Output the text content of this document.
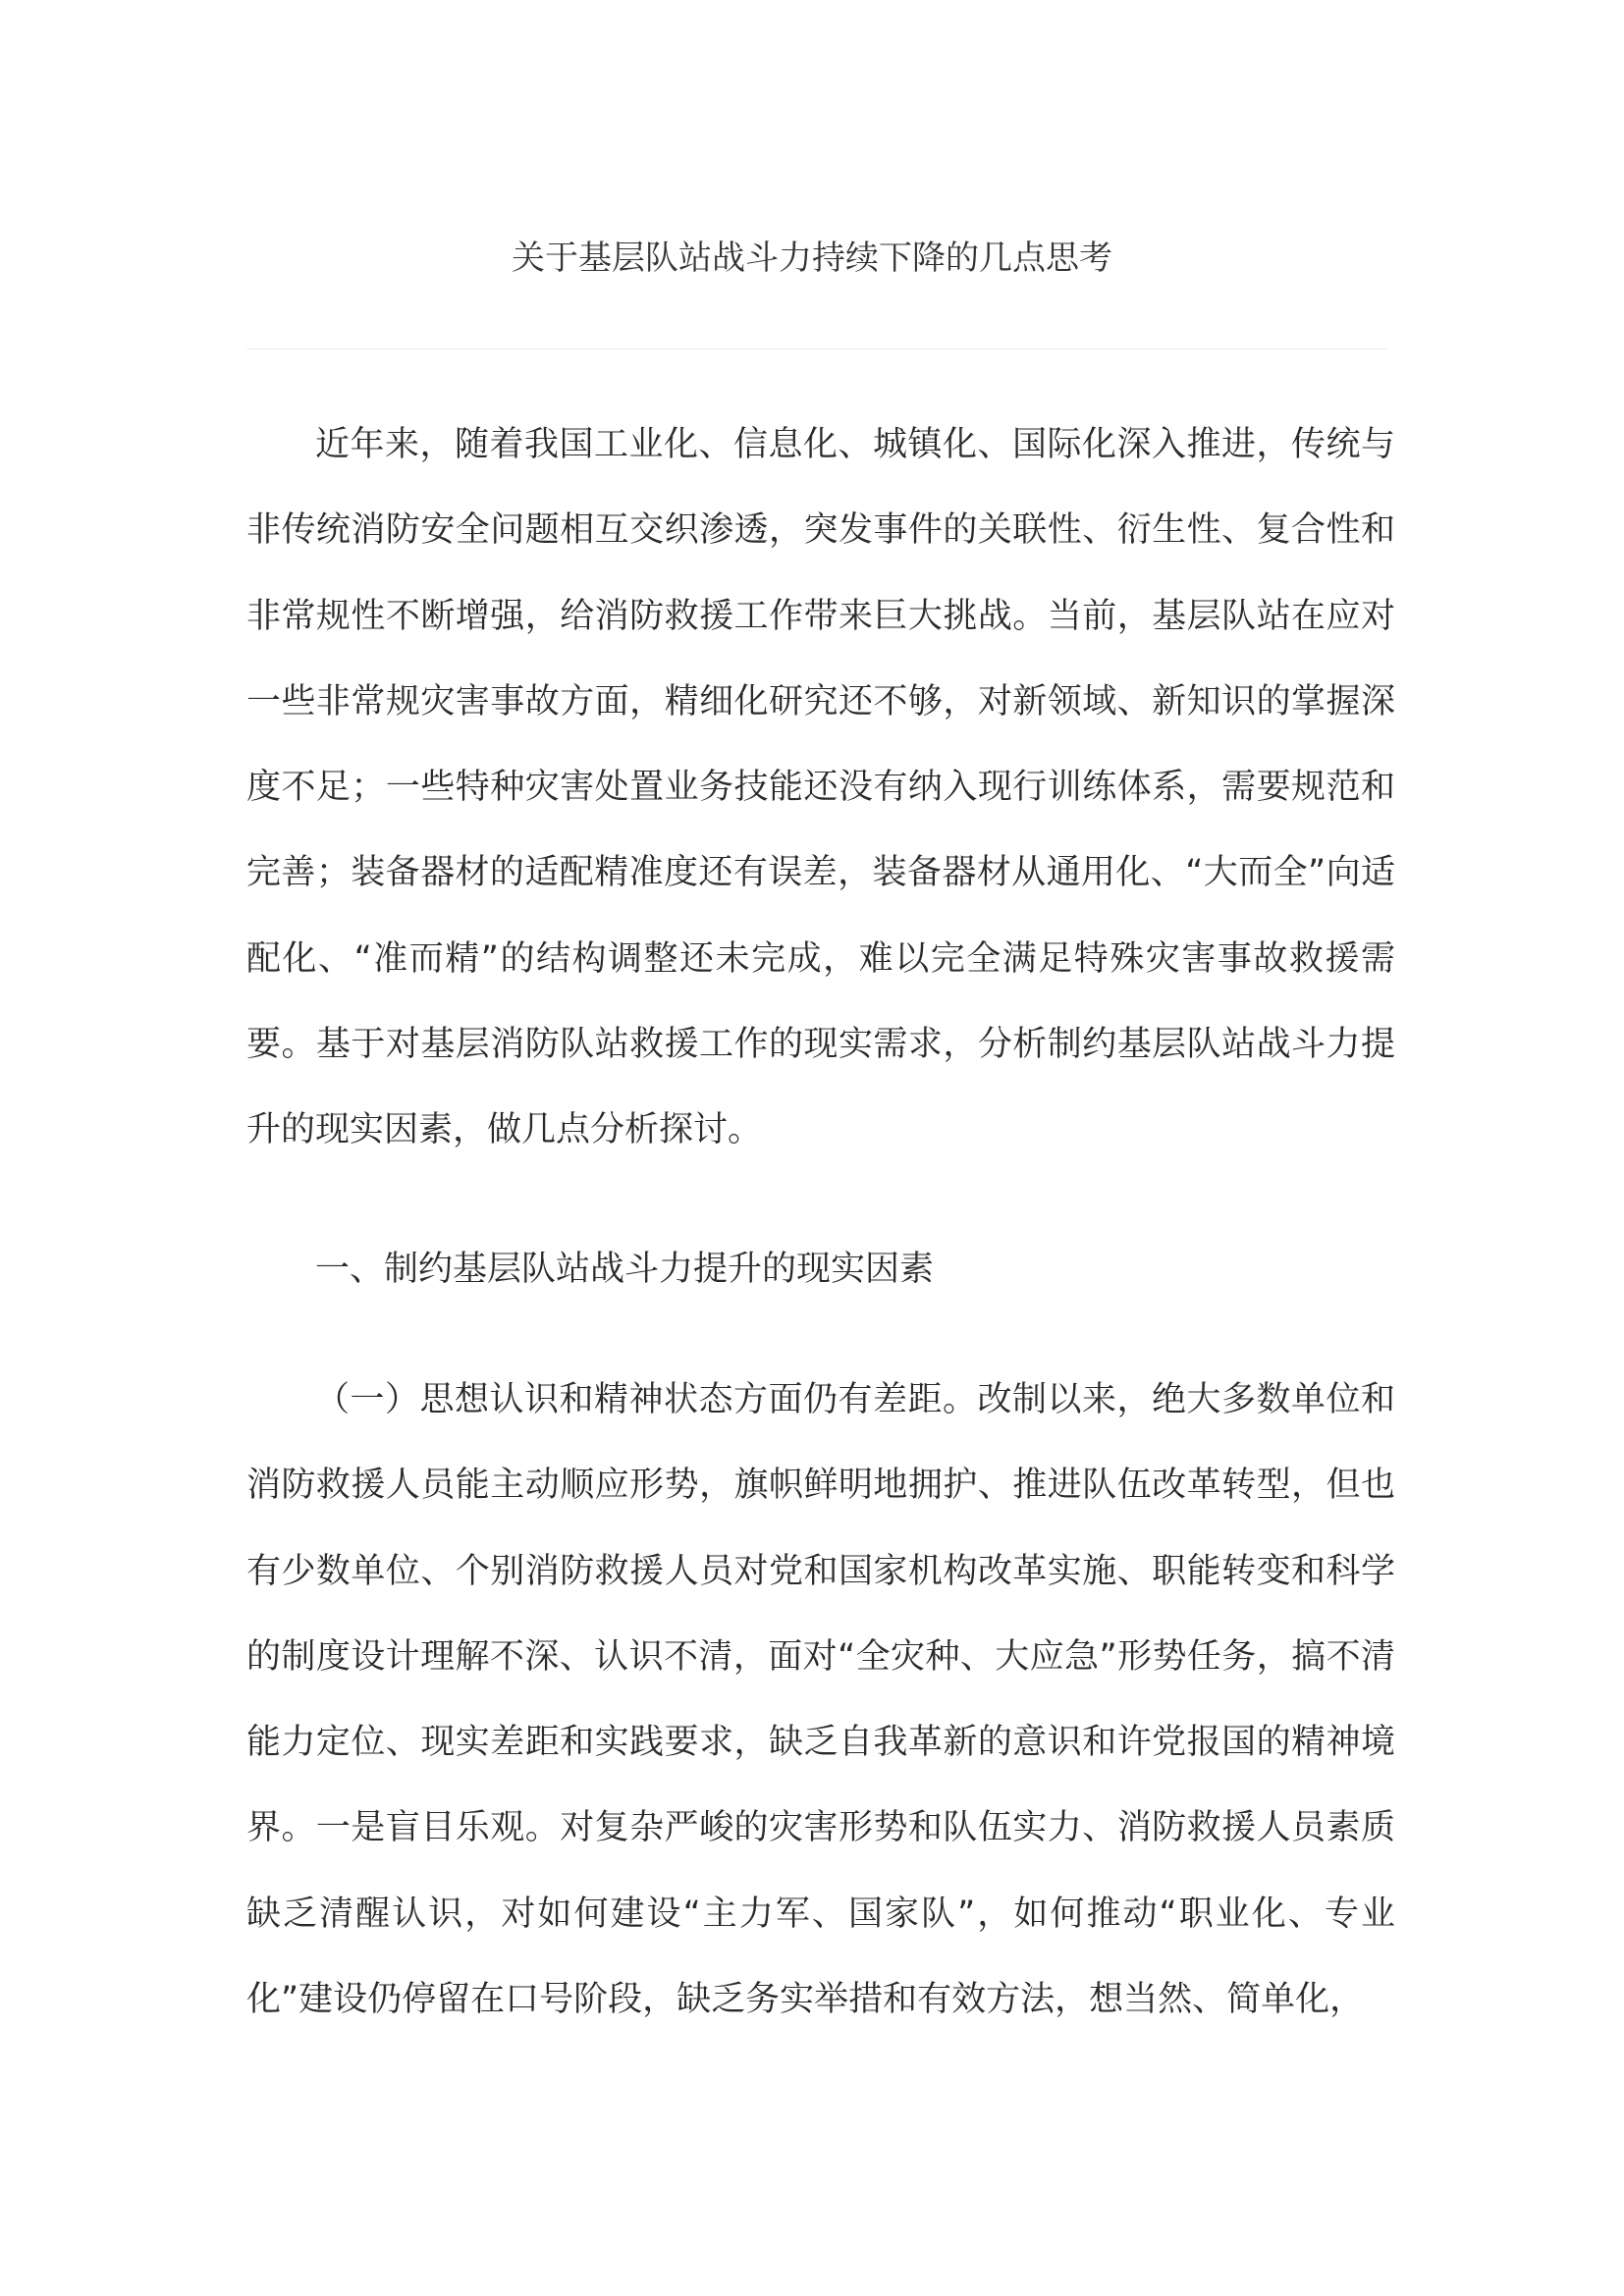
关于基层队站战斗力持续下降的几点思考

近年来，随着我国工业化、信息化、城镇化、国际化深入推进，传统与非传统消防安全问题相互交织渗透，突发事件的关联性、衍生性、复合性和非常规性不断增强，给消防救援工作带来巨大挑战。当前，基层队站在应对一些非常规灾害事故方面，精细化研究还不够，对新领域、新知识的掌握深度不足；一些特种灾害处置业务技能还没有纳入现行训练体系，需要规范和完善；装备器材的适配精准度还有误差，装备器材从通用化、“大而全”向适配化、“准而精”的结构调整还未完成，难以完全满足特殊灾害事故救援需要。基于对基层消防队站救援工作的现实需求，分析制约基层队站战斗力提升的现实因素，做几点分析探讨。

一、制约基层队站战斗力提升的现实因素

（一）思想认识和精神状态方面仍有差距。改制以来，绝大多数单位和消防救援人员能主动顺应形势，旗帜鲜明地拥护、推进队伍改革转型，但也有少数单位、个别消防救援人员对党和国家机构改革实施、职能转变和科学的制度设计理解不深、认识不清，面对“全灾种、大应急”形势任务，搞不清能力定位、现实差距和实践要求，缺乏自我革新的意识和许党报国的精神境界。一是盲目乐观。对复杂严峻的灾害形势和队伍实力、消防救援人员素质缺乏清醒认识，对如何建设“主力军、国家队”，如何推动“职业化、专业化”建设仍停留在口号阶段，缺乏务实举措和有效方法，想当然、简单化，
